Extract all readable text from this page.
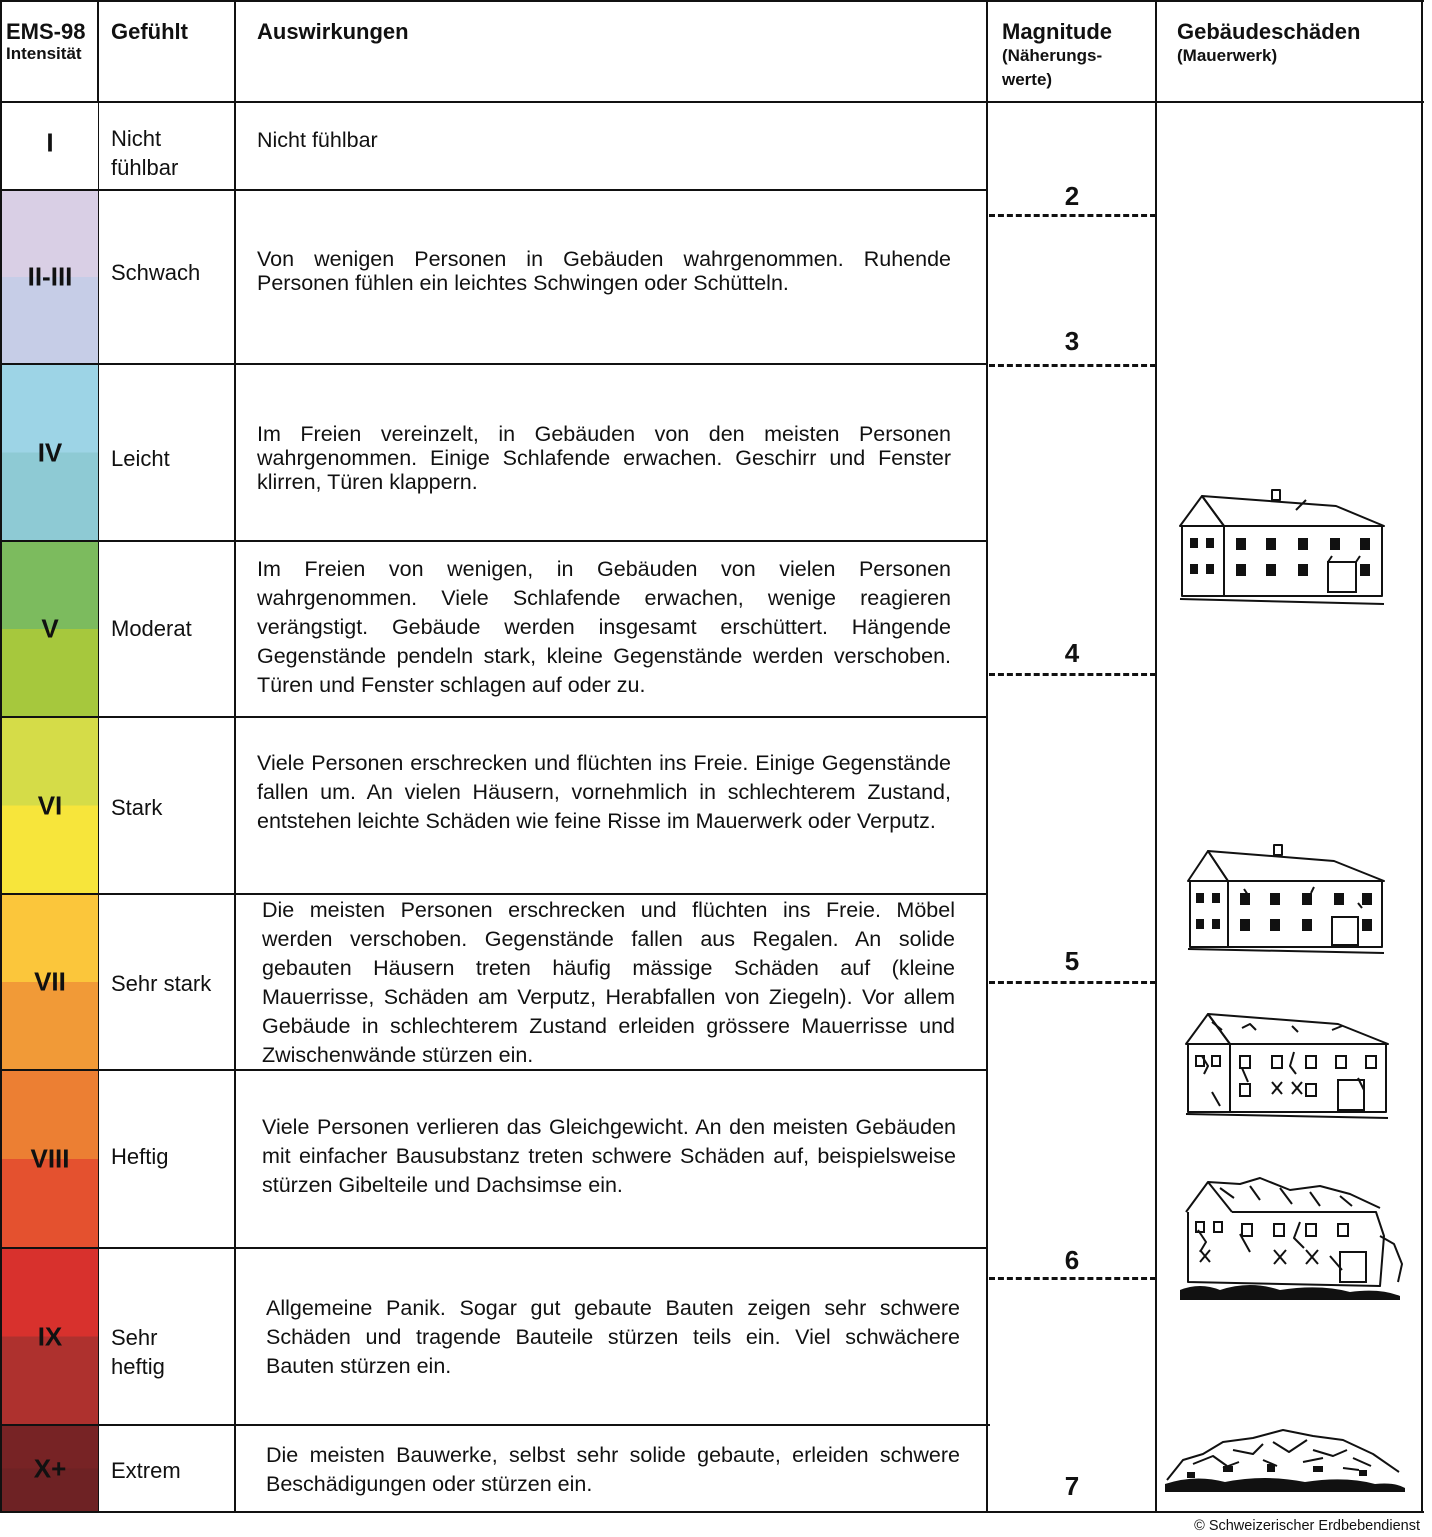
EMS-98
Intensität
Gefühlt	Auswirkungen	Magnitude
(Näherungs-
werte)
Gebäudeschäden
(Mauerwerk)
I
II-III
IV
V
VI
VII
VIII
IX
X+
Nicht
fühlbar
Schwach
Leicht
Moderat
Stark
Sehr stark
Heftig
Sehr
heftig
Extrem
Nicht fühlbar
Von wenigen Personen in Gebäuden wahrgenommen. Ruhende Personen fühlen ein leichtes Schwingen oder Schütteln.
Im Freien vereinzelt, in Gebäuden von den meisten Personen wahrgenommen. Einige Schlafende erwachen. Geschirr und Fenster klirren, Türen klappern.
Im Freien von wenigen, in Gebäuden von vielen Personen wahrgenommen. Viele Schlafende erwachen, wenige reagieren verängstigt. Gebäude werden insgesamt erschüttert. Hängende Gegenstände pendeln stark, kleine Gegenstände werden verschoben. Türen und Fenster schlagen auf oder zu.
Viele Personen erschrecken und flüchten ins Freie. Einige Gegenstände fallen um. An vielen Häusern, vornehmlich in schlechterem Zustand, entstehen leichte Schäden wie feine Risse im Mauerwerk oder Verputz.
Die meisten Personen erschrecken und flüchten ins Freie. Möbel werden verschoben. Gegenstände fallen aus Regalen. An solide gebauten Häusern treten häufig mässige Schäden auf (kleine Mauerrisse, Schäden am Verputz, Herabfallen von Ziegeln). Vor allem Gebäude in schlechterem Zustand erleiden grössere Mauerrisse und Zwischenwände stürzen ein.
Viele Personen verlieren das Gleichgewicht. An den meisten Gebäuden mit einfacher Bausubstanz treten schwere Schäden auf, beispielsweise stürzen Gibelteile und Dachsimse ein.
Allgemeine Panik. Sogar gut gebaute Bauten zeigen sehr schwere Schäden und tragende Bauteile stürzen teils ein. Viel schwächere Bauten stürzen ein.
Die meisten Bauwerke, selbst sehr solide gebaute, erleiden schwere Beschädigungen oder stürzen ein.
2
3
4
5
6
7
© Schweizerischer Erdbebendienst
